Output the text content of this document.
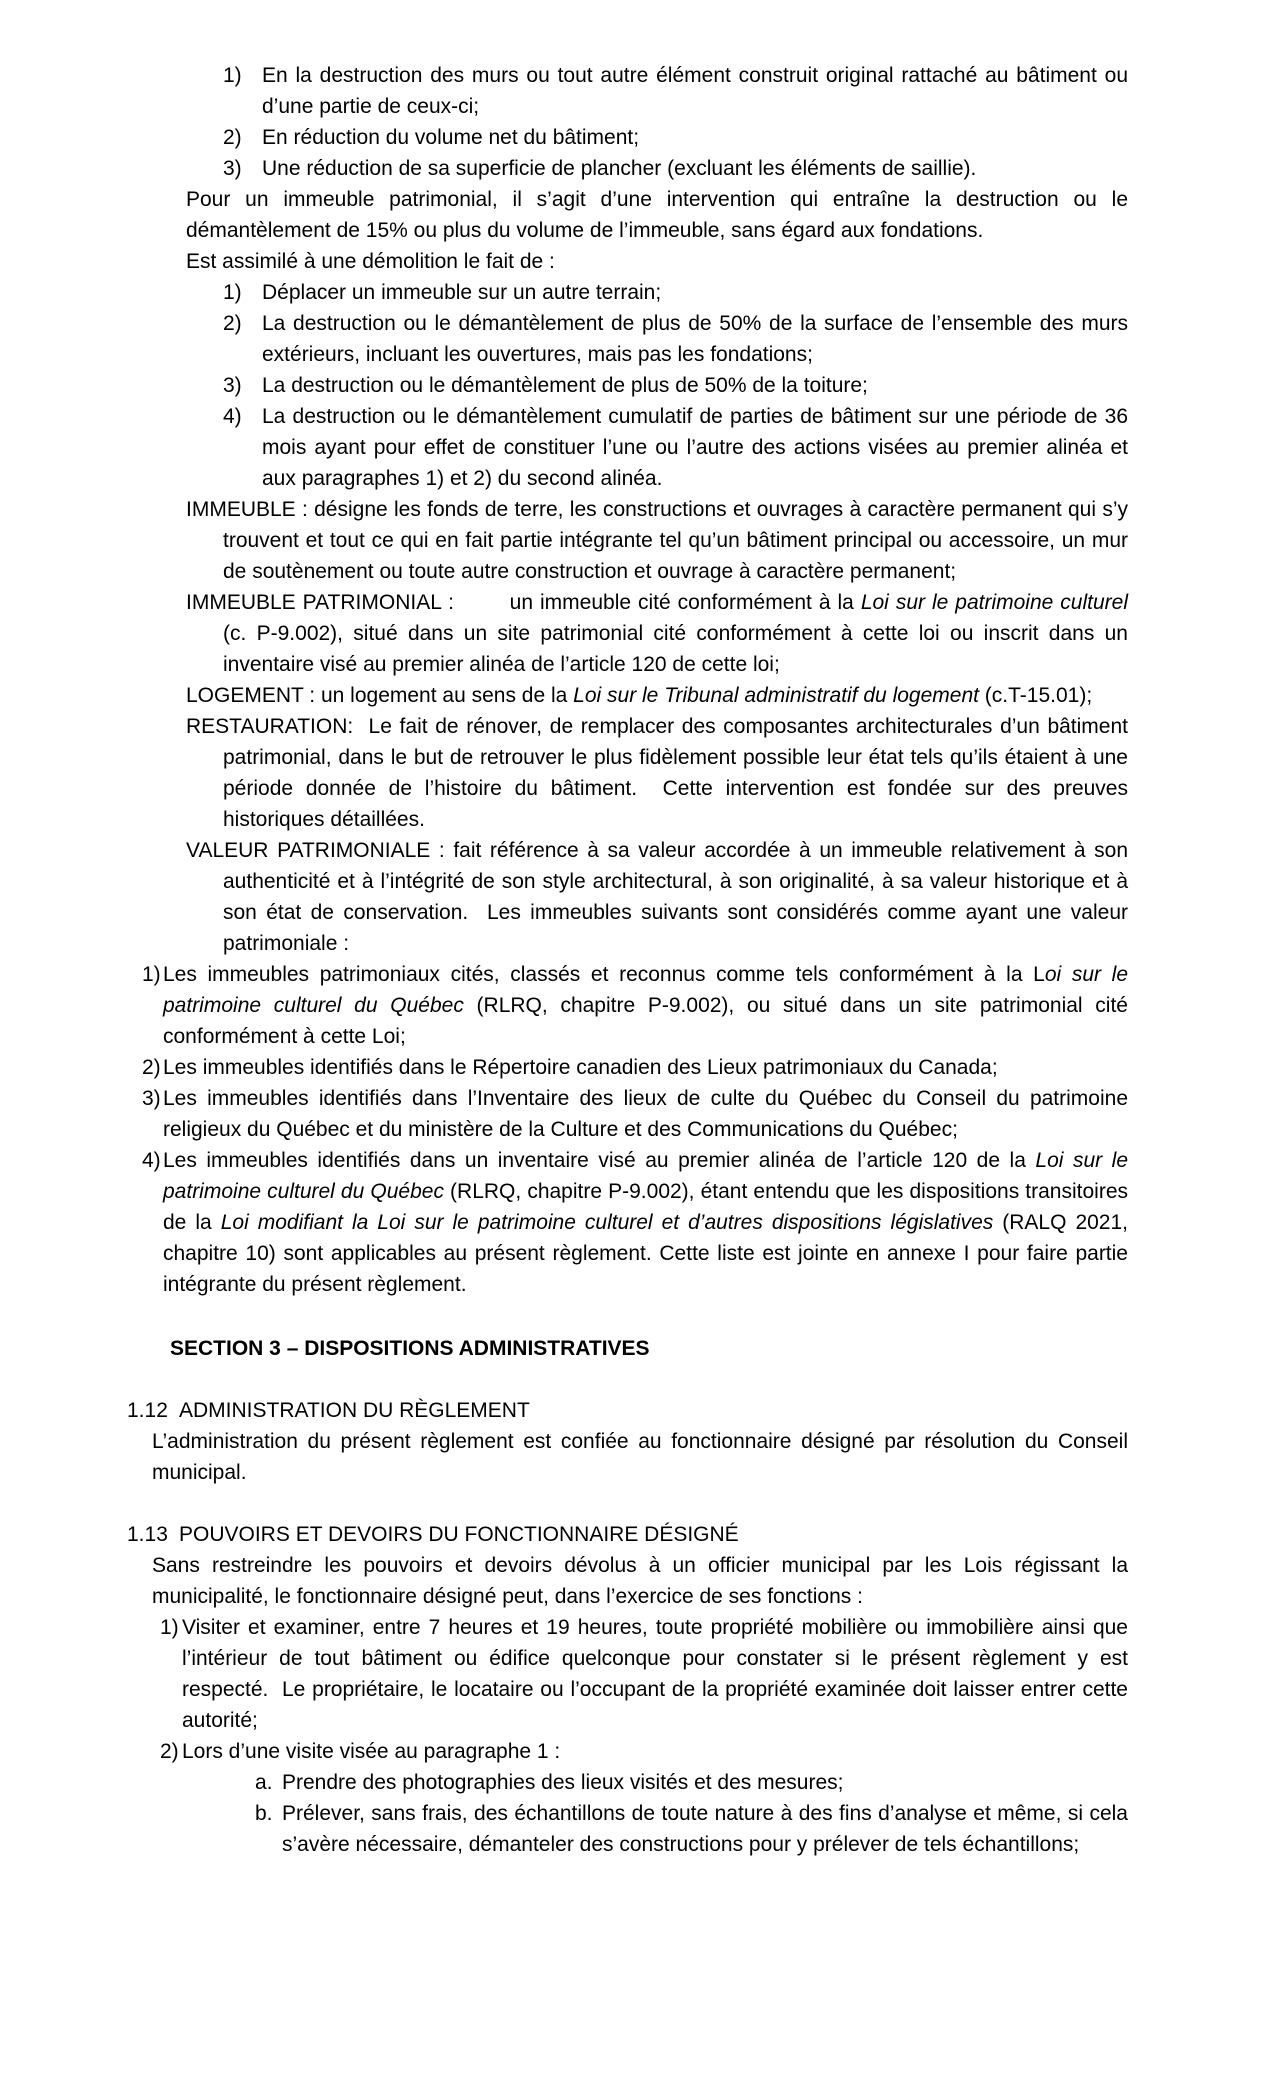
1) En la destruction des murs ou tout autre élément construit original rattaché au bâtiment ou d’une partie de ceux-ci;
2) En réduction du volume net du bâtiment;
3) Une réduction de sa superficie de plancher (excluant les éléments de saillie).
Pour un immeuble patrimonial, il s’agit d’une intervention qui entraîne la destruction ou le démantèlement de 15% ou plus du volume de l’immeuble, sans égard aux fondations.
Est assimilé à une démolition le fait de :
1) Déplacer un immeuble sur un autre terrain;
2) La destruction ou le démantèlement de plus de 50% de la surface de l’ensemble des murs extérieurs, incluant les ouvertures, mais pas les fondations;
3) La destruction ou le démantèlement de plus de 50% de la toiture;
4) La destruction ou le démantèlement cumulatif de parties de bâtiment sur une période de 36 mois ayant pour effet de constituer l’une ou l’autre des actions visées au premier alinéa et aux paragraphes 1) et 2) du second alinéa.
IMMEUBLE : désigne les fonds de terre, les constructions et ouvrages à caractère permanent qui s’y trouvent et tout ce qui en fait partie intégrante tel qu’un bâtiment principal ou accessoire, un mur de soutènement ou toute autre construction et ouvrage à caractère permanent;
IMMEUBLE PATRIMONIAL :        un immeuble cité conformément à la Loi sur le patrimoine culturel (c. P-9.002), situé dans un site patrimonial cité conformément à cette loi ou inscrit dans un inventaire visé au premier alinéa de l’article 120 de cette loi;
LOGEMENT : un logement au sens de la Loi sur le Tribunal administratif du logement (c.T-15.01);
RESTAURATION:  Le fait de rénover, de remplacer des composantes architecturales d’un bâtiment patrimonial, dans le but de retrouver le plus fidèlement possible leur état tels qu’ils étaient à une période donnée de l’histoire du bâtiment.  Cette intervention est fondée sur des preuves historiques détaillées.
VALEUR PATRIMONIALE : fait référence à sa valeur accordée à un immeuble relativement à son authenticité et à l’intégrité de son style architectural, à son originalité, à sa valeur historique et à son état de conservation.  Les immeubles suivants sont considérés comme ayant une valeur patrimoniale :
1) Les immeubles patrimoniaux cités, classés et reconnus comme tels conformément à la Loi sur le patrimoine culturel du Québec (RLRQ, chapitre P-9.002), ou situé dans un site patrimonial cité conformément à cette Loi;
2) Les immeubles identifiés dans le Répertoire canadien des Lieux patrimoniaux du Canada;
3) Les immeubles identifiés dans l’Inventaire des lieux de culte du Québec du Conseil du patrimoine religieux du Québec et du ministère de la Culture et des Communications du Québec;
4) Les immeubles identifiés dans un inventaire visé au premier alinéa de l’article 120 de la Loi sur le patrimoine culturel du Québec (RLRQ, chapitre P-9.002), étant entendu que les dispositions transitoires de la Loi modifiant la Loi sur le patrimoine culturel et d’autres dispositions législatives (RALQ 2021, chapitre 10) sont applicables au présent règlement. Cette liste est jointe en annexe I pour faire partie intégrante du présent règlement.
SECTION 3 – DISPOSITIONS ADMINISTRATIVES
1.12 ADMINISTRATION DU RÈGLEMENT
L’administration du présent règlement est confiée au fonctionnaire désigné par résolution du Conseil municipal.
1.13 POUVOIRS ET DEVOIRS DU FONCTIONNAIRE DÉSIGNÉ
Sans restreindre les pouvoirs et devoirs dévolus à un officier municipal par les Lois régissant la municipalité, le fonctionnaire désigné peut, dans l’exercice de ses fonctions :
1) Visiter et examiner, entre 7 heures et 19 heures, toute propriété mobilière ou immobilière ainsi que l’intérieur de tout bâtiment ou édifice quelconque pour constater si le présent règlement y est respecté.  Le propriétaire, le locataire ou l’occupant de la propriété examinée doit laisser entrer cette autorité;
2) Lors d’une visite visée au paragraphe 1 :
a. Prendre des photographies des lieux visités et des mesures;
b. Prélever, sans frais, des échantillons de toute nature à des fins d’analyse et même, si cela s’avère nécessaire, démanteler des constructions pour y prélever de tels échantillons;
